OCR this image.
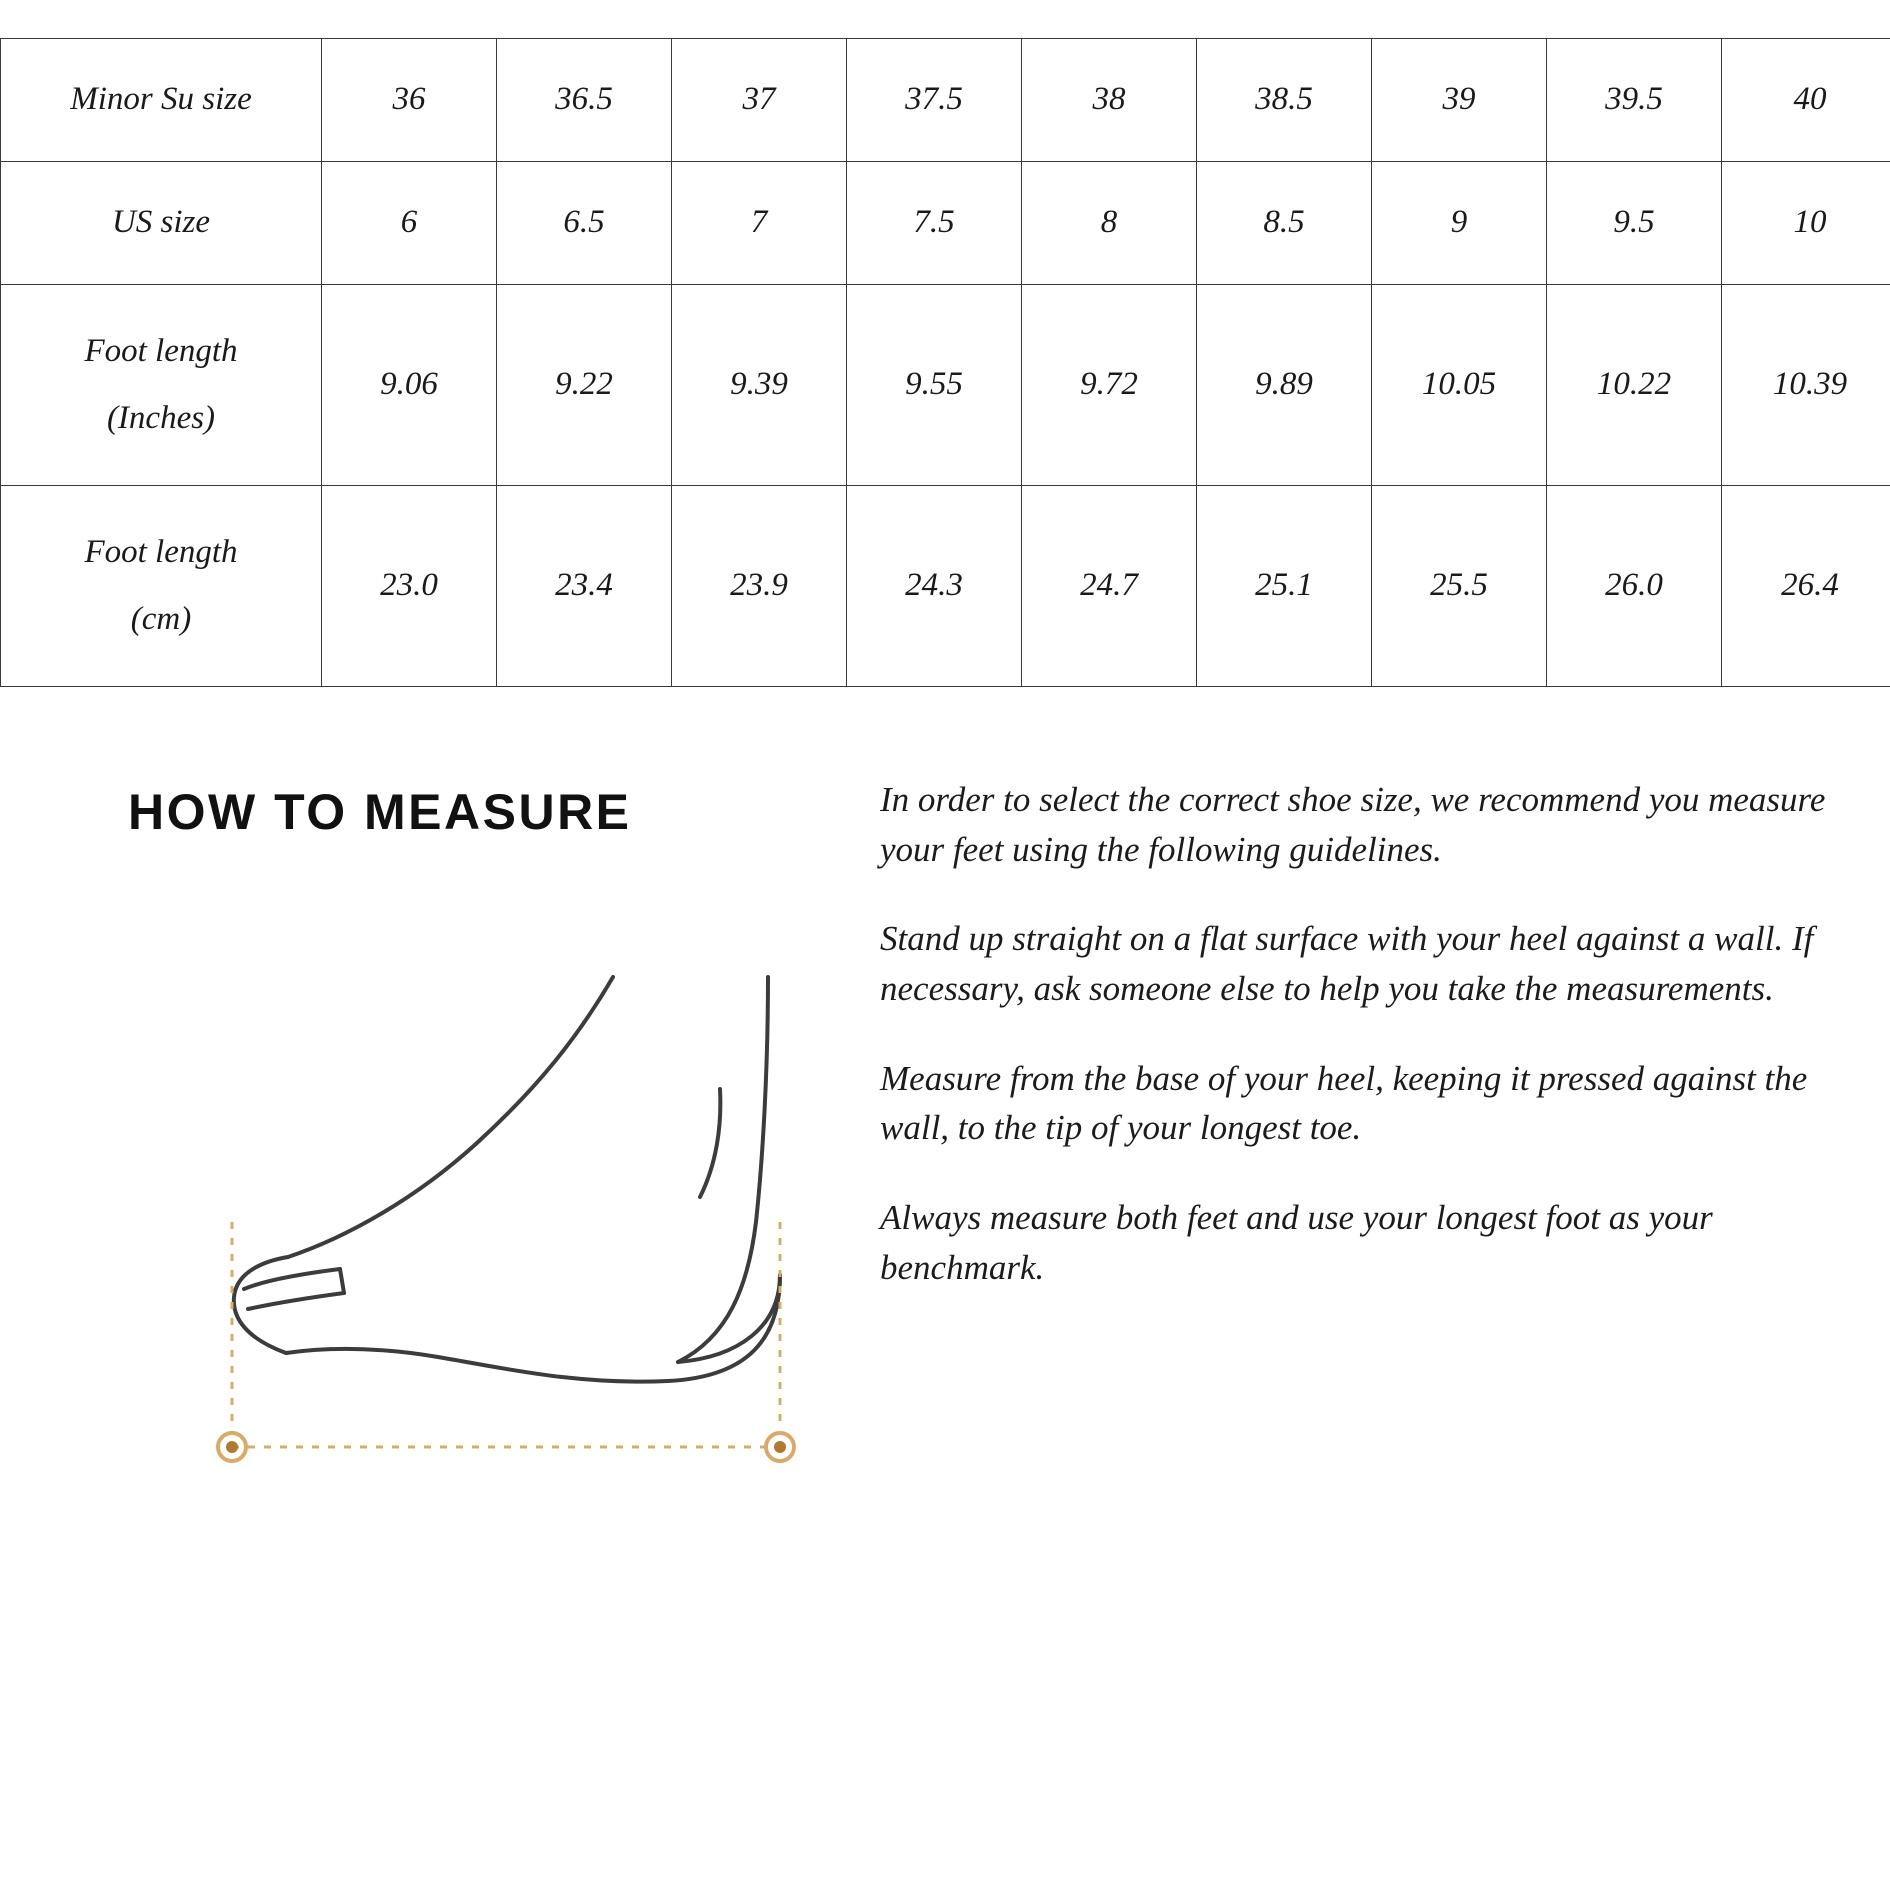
Minor Su size	36	36.5	37	37.5	38	38.5	39	39.5	40
US size	6	6.5	7	7.5	8	8.5	9	9.5	10

Foot length
(Inches)	9.06	9.22	9.39	9.55	9.72	9.89	10.05	10.22	10.39

Foot length
(cm)	23.0	23.4	23.9	24.3	24.7	25.1	25.5	26.0	26.4
HOW TO MEASURE	In order to select the correct shoe size, we recommend you measure your feet using the following guidelines.

Stand up straight on a flat surface with your heel against a wall. If necessary, ask someone else to help you take the measurements.

Measure from the base of your heel, keeping it pressed against the wall, to the tip of your longest toe.

Always measure both feet and use your longest foot as your benchmark.
